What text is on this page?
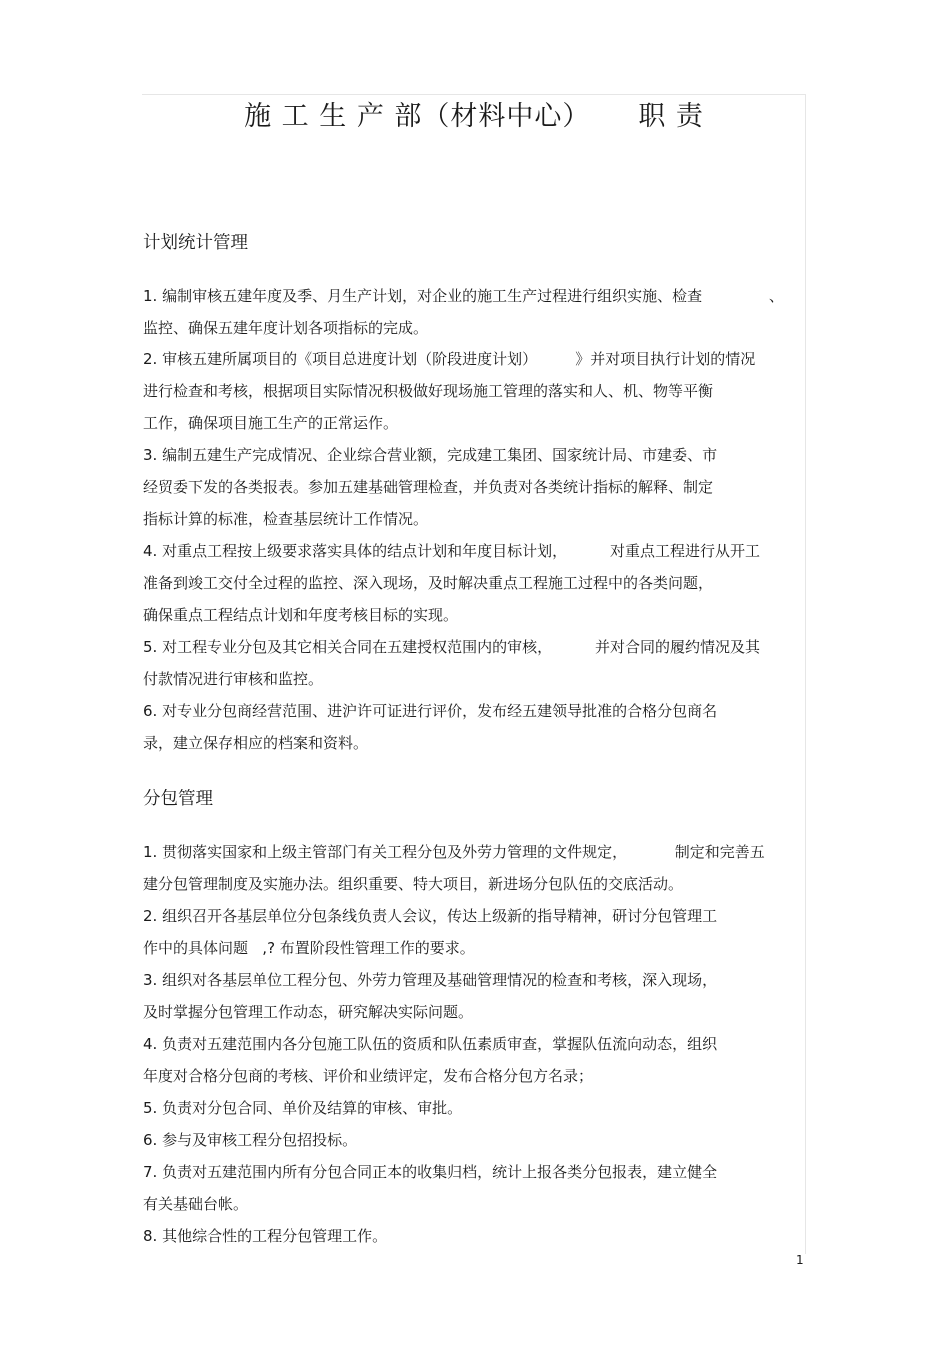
施 工 生 产 部（材料中心）     职 责
计划统计管理

1. 编制审核五建年度及季、月生产计划，对企业的施工生产过程进行组织实施、检查              、

监控、确保五建年度计划各项指标的完成。

2. 审核五建所属项目的《项目总进度计划（阶段进度计划）        》并对项目执行计划的情况

进行检查和考核，根据项目实际情况积极做好现场施工管理的落实和人、机、物等平衡

工作，确保项目施工生产的正常运作。

3. 编制五建生产完成情况、企业综合营业额，完成建工集团、国家统计局、市建委、市

经贸委下发的各类报表。参加五建基础管理检查，并负责对各类统计指标的解释、制定

指标计算的标准，检查基层统计工作情况。

4. 对重点工程按上级要求落实具体的结点计划和年度目标计划，         对重点工程进行从开工

准备到竣工交付全过程的监控、深入现场，及时解决重点工程施工过程中的各类问题，

确保重点工程结点计划和年度考核目标的实现。

5. 对工程专业分包及其它相关合同在五建授权范围内的审核，         并对合同的履约情况及其

付款情况进行审核和监控。

6. 对专业分包商经营范围、进沪许可证进行评价，发布经五建领导批准的合格分包商名

录，建立保存相应的档案和资料。

分包管理

1. 贯彻落实国家和上级主管部门有关工程分包及外劳力管理的文件规定，          制定和完善五

建分包管理制度及实施办法。组织重要、特大项目，新进场分包队伍的交底活动。

2. 组织召开各基层单位分包条线负责人会议，传达上级新的指导精神，研讨分包管理工

作中的具体问题   ,? 布置阶段性管理工作的要求。

3. 组织对各基层单位工程分包、外劳力管理及基础管理情况的检查和考核，深入现场，

及时掌握分包管理工作动态，研究解决实际问题。

4. 负责对五建范围内各分包施工队伍的资质和队伍素质审查，掌握队伍流向动态，组织

年度对合格分包商的考核、评价和业绩评定，发布合格分包方名录；

5. 负责对分包合同、单价及结算的审核、审批。

6. 参与及审核工程分包招投标。

7. 负责对五建范围内所有分包合同正本的收集归档，统计上报各类分包报表，建立健全

有关基础台帐。

8. 其他综合性的工程分包管理工作。

1
